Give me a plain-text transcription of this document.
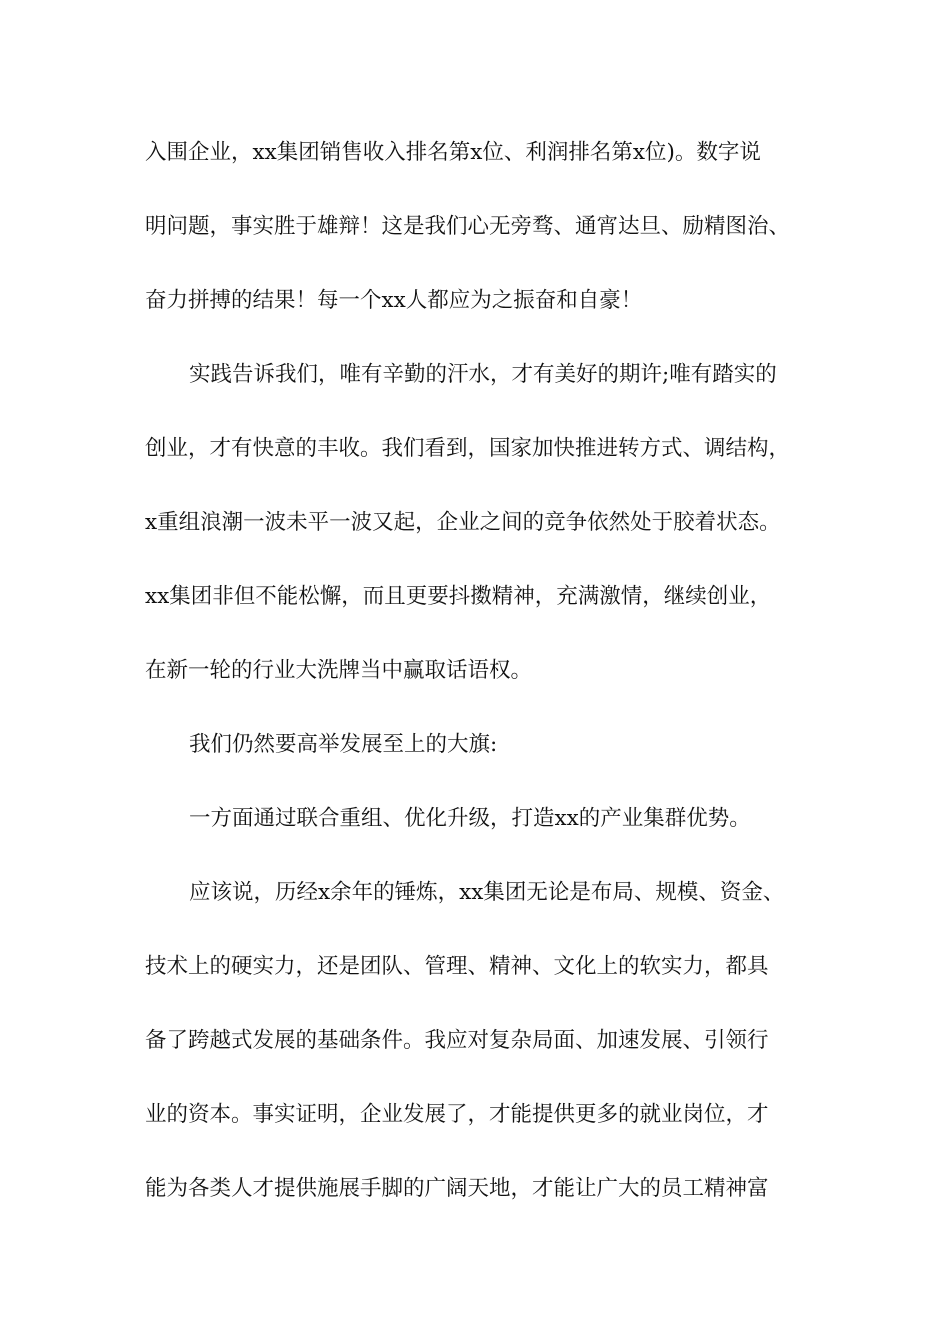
入围企业，xx集团销售收入排名第x位、利润排名第x位)。数字说
明问题，事实胜于雄辩！这是我们心无旁骛、通宵达旦、励精图治、
奋力拼搏的结果！每一个xx人都应为之振奋和自豪！
实践告诉我们，唯有辛勤的汗水，才有美好的期许;唯有踏实的
创业，才有快意的丰收。我们看到，国家加快推进转方式、调结构，
x重组浪潮一波未平一波又起，企业之间的竞争依然处于胶着状态。
xx集团非但不能松懈，而且更要抖擞精神，充满激情，继续创业，
在新一轮的行业大洗牌当中赢取话语权。
我们仍然要高举发展至上的大旗:
一方面通过联合重组、优化升级，打造xx的产业集群优势。
应该说，历经x余年的锤炼，xx集团无论是布局、规模、资金、
技术上的硬实力，还是团队、管理、精神、文化上的软实力，都具
备了跨越式发展的基础条件。我应对复杂局面、加速发展、引领行
业的资本。事实证明，企业发展了，才能提供更多的就业岗位，才
能为各类人才提供施展手脚的广阔天地，才能让广大的员工精神富
